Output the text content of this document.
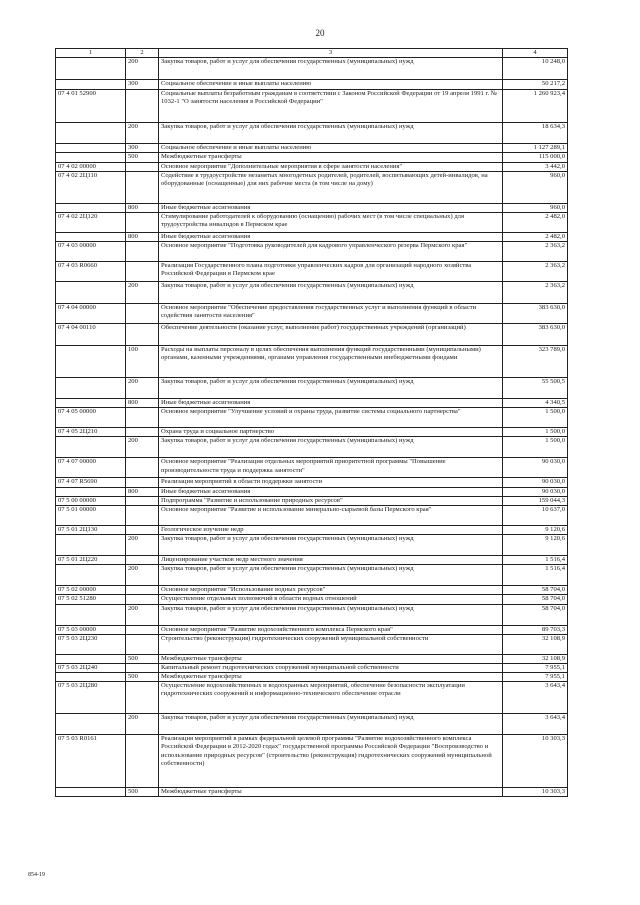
20
1	2	3	4
	200	Закупка товаров, работ и услуг для обеспечения государственных (муниципальных) нужд	10 248,0
	300	Социальное обеспечение и иные выплаты населению	50 217,2
07 4 01 52900		Социальные выплаты безработным гражданам в соответствии с Законом Российской Федерации от 19 апреля 1991 г. № 1032-1 "О занятости населения в Российской Федерации"	1 260 923,4
	200	Закупка товаров, работ и услуг для обеспечения государственных (муниципальных) нужд	18 634,3
	300	Социальное обеспечение и иные выплаты населению	1 127 289,1
	500	Межбюджетные трансферты	115 000,0
07 4 02 00000		Основное мероприятие "Дополнительные мероприятия в сфере занятости населения"	3 442,0
07 4 02 2Ц110		Содействие в трудоустройстве незанятых многодетных родителей, родителей, воспитывающих детей-инвалидов, на оборудованные (оснащенные) для них рабочие места (в том числе на дому)	960,0
	800	Иные бюджетные ассигнования	960,0
07 4 02 2Ц120		Стимулирование работодателей к оборудованию (оснащению) рабочих мест (в том числе специальных) для трудоустройства инвалидов в Пермском крае	2 482,0
	800	Иные бюджетные ассигнования	2 482,0
07 4 03 00000		Основное мероприятие "Подготовка руководителей для кадрового управленческого резерва Пермского края"	2 363,2
07 4 03 R0660		Реализация Государственного плана подготовки управленческих кадров для организаций народного хозяйства Российской Федерации в Пермском крае	2 363,2
	200	Закупка товаров, работ и услуг для обеспечения государственных (муниципальных) нужд	2 363,2
07 4 04 00000		Основное мероприятие "Обеспечение предоставления государственных услуг и выполнения функций в области содействия занятости населения"	383 630,0
07 4 04 00110		Обеспечение деятельности (оказание услуг, выполнение работ) государственных учреждений (организаций)	383 630,0
	100	Расходы на выплаты персоналу в целях обеспечения выполнения функций государственными (муниципальными) органами, казенными учреждениями, органами управления государственными внебюджетными фондами	323 789,0
	200	Закупка товаров, работ и услуг для обеспечения государственных (муниципальных) нужд	55 500,5
	800	Иные бюджетные ассигнования	4 340,5
07 4 05 00000		Основное мероприятие "Улучшение условий и охраны труда, развитие системы социального партнерства"	1 500,0
07 4 05 2Ц210		Охрана труда и социальное партнерство	1 500,0
	200	Закупка товаров, работ и услуг для обеспечения государственных (муниципальных) нужд	1 500,0
07 4 07 00000		Основное мероприятие "Реализация отдельных мероприятий приоритетной программы "Повышение производительности труда и поддержка занятости"	90 030,0
07 4 07 R5690		Реализация мероприятий в области поддержки занятости	90 030,0
	800	Иные бюджетные ассигнования	90 030,0
07 5 00 00000		Подпрограмма "Развитие и использование природных ресурсов"	159 044,3
07 5 01 00000		Основное мероприятие "Развитие и использование минерально-сырьевой базы Пермского края"	10 637,0
07 5 01 2Ц130		Геологическое изучение недр	9 120,6
	200	Закупка товаров, работ и услуг для обеспечения государственных (муниципальных) нужд	9 120,6
07 5 01 2Ц220		Лицензирование участков недр местного значения	1 516,4
	200	Закупка товаров, работ и услуг для обеспечения государственных (муниципальных) нужд	1 516,4
07 5 02 00000		Основное мероприятие "Использование водных ресурсов"	58 704,0
07 5 02 51280		Осуществление отдельных полномочий в области водных отношений	58 704,0
	200	Закупка товаров, работ и услуг для обеспечения государственных (муниципальных) нужд	58 704,0
07 5 03 00000		Основное мероприятие "Развитие водохозяйственного комплекса Пермского края"	89 703,3
07 5 03 2Ц230		Строительство (реконструкция) гидротехнических сооружений муниципальной собственности	32 108,9
	500	Межбюджетные трансферты	32 108,9
07 5 03 2Ц240		Капитальный ремонт гидротехнических сооружений муниципальной собственности	7 955,1
	500	Межбюджетные трансферты	7 955,1
07 5 03 2Ц280		Осуществление водохозяйственных и водоохранных мероприятий, обеспечение безопасности эксплуатации гидротехнических сооружений и информационно-технического обеспечение отрасли	3 643,4
	200	Закупка товаров, работ и услуг для обеспечения государственных (муниципальных) нужд	3 643,4
07 5 03 R0161		Реализация мероприятий в рамках федеральной целевой программы "Развитие водохозяйственного комплекса Российской Федерации в 2012-2020 годах" государственной программы Российской Федерации "Воспроизводство и использование природных ресурсов" (строительство (реконструкция) гидротехнических сооружений муниципальной собственности)	10 303,3
	500	Межбюджетные трансферты	10 303,3
854-19
